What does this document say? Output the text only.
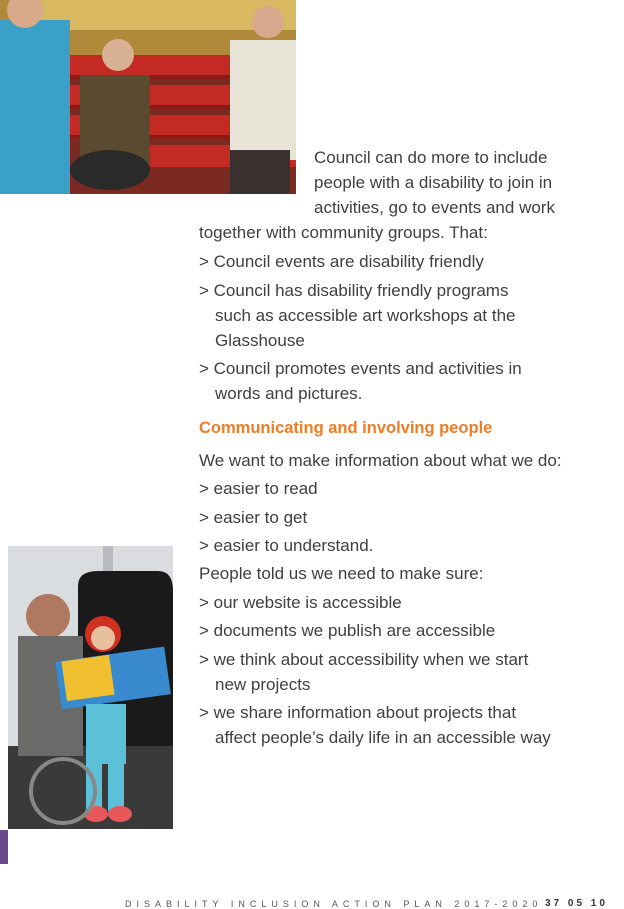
Council can do more to include
people with a disability to join in
activities, go to events and work
together with community groups. That:
> Council events are disability friendly
> Council has disability friendly programs
such as accessible art workshops at the
Glasshouse
> Council promotes events and activities in
words and pictures.
Communicating and involving people
We want to make information about what we do:
> easier to read
> easier to get
> easier to understand.
People told us we need to make sure:
> our website is accessible
> documents we publish are accessible
> we think about accessibility when we start
new projects
> we share information about projects that
affect people’s daily life in an accessible way
DISABILITY INCLUSION ACTION PLAN 2017-2020 37 05 10
